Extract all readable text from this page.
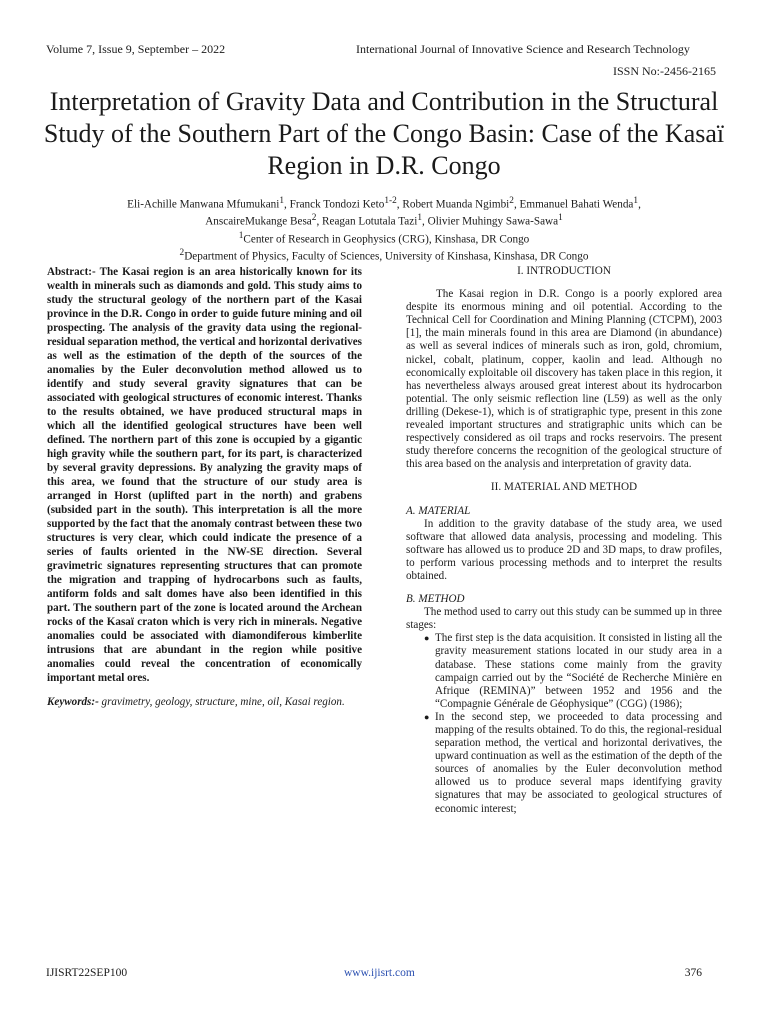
Volume 7, Issue 9, September – 2022	International Journal of Innovative Science and Research Technology
ISSN No:-2456-2165
Interpretation of Gravity Data and Contribution in the Structural Study of the Southern Part of the Congo Basin: Case of the Kasaï Region in D.R. Congo
Eli-Achille Manwana Mfumukani$^1$, Franck Tondozi Keto$^{1-2}$, Robert Muanda Ngimbi$^2$, Emmanuel Bahati Wenda$^1$,
AnscaireMukange Besa$^2$, Reagan Lotutala Tazi$^1$, Olivier Muhingy Sawa-Sawa$^1$
$^1$Center of Research in Geophysics (CRG), Kinshasa, DR Congo
$^2$Department of Physics, Faculty of Sciences, University of Kinshasa, Kinshasa, DR Congo
Abstract:- The Kasai region is an area historically known for its wealth in minerals such as diamonds and gold. This study aims to study the structural geology of the northern part of the Kasai province in the D.R. Congo in order to guide future mining and oil prospecting. The analysis of the gravity data using the regional-residual separation method, the vertical and horizontal derivatives as well as the estimation of the depth of the sources of the anomalies by the Euler deconvolution method allowed us to identify and study several gravity signatures that can be associated with geological structures of economic interest. Thanks to the results obtained, we have produced structural maps in which all the identified geological structures have been well defined. The northern part of this zone is occupied by a gigantic high gravity while the southern part, for its part, is characterized by several gravity depressions. By analyzing the gravity maps of this area, we found that the structure of our study area is arranged in Horst (uplifted part in the north) and grabens (subsided part in the south). This interpretation is all the more supported by the fact that the anomaly contrast between these two structures is very clear, which could indicate the presence of a series of faults oriented in the NW-SE direction. Several gravimetric signatures representing structures that can promote the migration and trapping of hydrocarbons such as faults, antiform folds and salt domes have also been identified in this part. The southern part of the zone is located around the Archean rocks of the Kasaï craton which is very rich in minerals. Negative anomalies could be associated with diamondiferous kimberlite intrusions that are abundant in the region while positive anomalies could reveal the concentration of economically important metal ores.
Keywords:- gravimetry, geology, structure, mine, oil, Kasai region.
I. INTRODUCTION

The Kasai region in D.R. Congo is a poorly explored area despite its enormous mining and oil potential. According to the Technical Cell for Coordination and Mining Planning (CTCPM), 2003 [1], the main minerals found in this area are Diamond (in abundance) as well as several indices of minerals such as iron, gold, chromium, nickel, cobalt, platinum, copper, kaolin and lead. Although no economically exploitable oil discovery has taken place in this region, it has nevertheless always aroused great interest about its hydrocarbon potential. The only seismic reflection line (L59) as well as the only drilling (Dekese-1), which is of stratigraphic type, present in this zone revealed important structures and stratigraphic units which can be respectively considered as oil traps and rocks reservoirs. The present study therefore concerns the recognition of the geological structure of this area based on the analysis and interpretation of gravity data.

II. MATERIAL AND METHOD

A. MATERIAL

In addition to the gravity database of the study area, we used software that allowed data analysis, processing and modeling. This software has allowed us to produce 2D and 3D maps, to draw profiles, to perform various processing methods and to interpret the results obtained.

B. METHOD

The method used to carry out this study can be summed up in three stages:

● The first step is the data acquisition. It consisted in listing all the gravity measurement stations located in our study area in a database. These stations come mainly from the gravity campaign carried out by the “Société de Recherche Minière en Afrique (REMINA)” between 1952 and 1956 and the “Compagnie Générale de Géophysique” (CGG) (1986);
● In the second step, we proceeded to data processing and mapping of the results obtained. To do this, the regional-residual separation method, the vertical and horizontal derivatives, the upward continuation as well as the estimation of the depth of the sources of anomalies by the Euler deconvolution method allowed us to produce several maps identifying gravity signatures that may be associated to geological structures of economic interest;
IJISRT22SEP100	www.ijisrt.com	376
